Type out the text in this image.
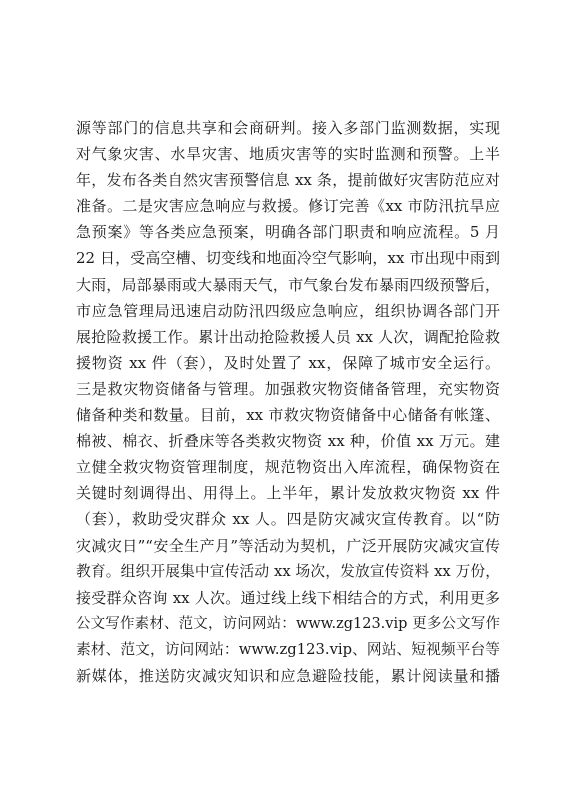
源等部门的信息共享和会商研判。接入多部门监测数据，实现
对气象灾害、水旱灾害、地质灾害等的实时监测和预警。上半
年，发布各类自然灾害预警信息 xx 条，提前做好灾害防范应对
准备。二是灾害应急响应与救援。修订完善《xx 市防汛抗旱应
急预案》等各类应急预案，明确各部门职责和响应流程。5 月
22 日，受高空槽、切变线和地面冷空气影响，xx 市出现中雨到
大雨，局部暴雨或大暴雨天气，市气象台发布暴雨四级预警后，
市应急管理局迅速启动防汛四级应急响应，组织协调各部门开
展抢险救援工作。累计出动抢险救援人员 xx 人次，调配抢险救
援物资 xx 件（套），及时处置了 xx，保障了城市安全运行。
三是救灾物资储备与管理。加强救灾物资储备管理，充实物资
储备种类和数量。目前，xx 市救灾物资储备中心储备有帐篷、
棉被、棉衣、折叠床等各类救灾物资 xx 种，价值 xx 万元。建
立健全救灾物资管理制度，规范物资出入库流程，确保物资在
关键时刻调得出、用得上。上半年，累计发放救灾物资 xx 件
（套），救助受灾群众 xx 人。四是防灾减灾宣传教育。以“防
灾减灾日”“安全生产月”等活动为契机，广泛开展防灾减灾宣传
教育。组织开展集中宣传活动 xx 场次，发放宣传资料 xx 万份，
接受群众咨询 xx 人次。通过线上线下相结合的方式，利用更多
公文写作素材、范文，访问网站：www.zg123.vip 更多公文写作
素材、范文，访问网站：www.zg123.vip、网站、短视频平台等
新媒体，推送防灾减灾知识和应急避险技能，累计阅读量和播
